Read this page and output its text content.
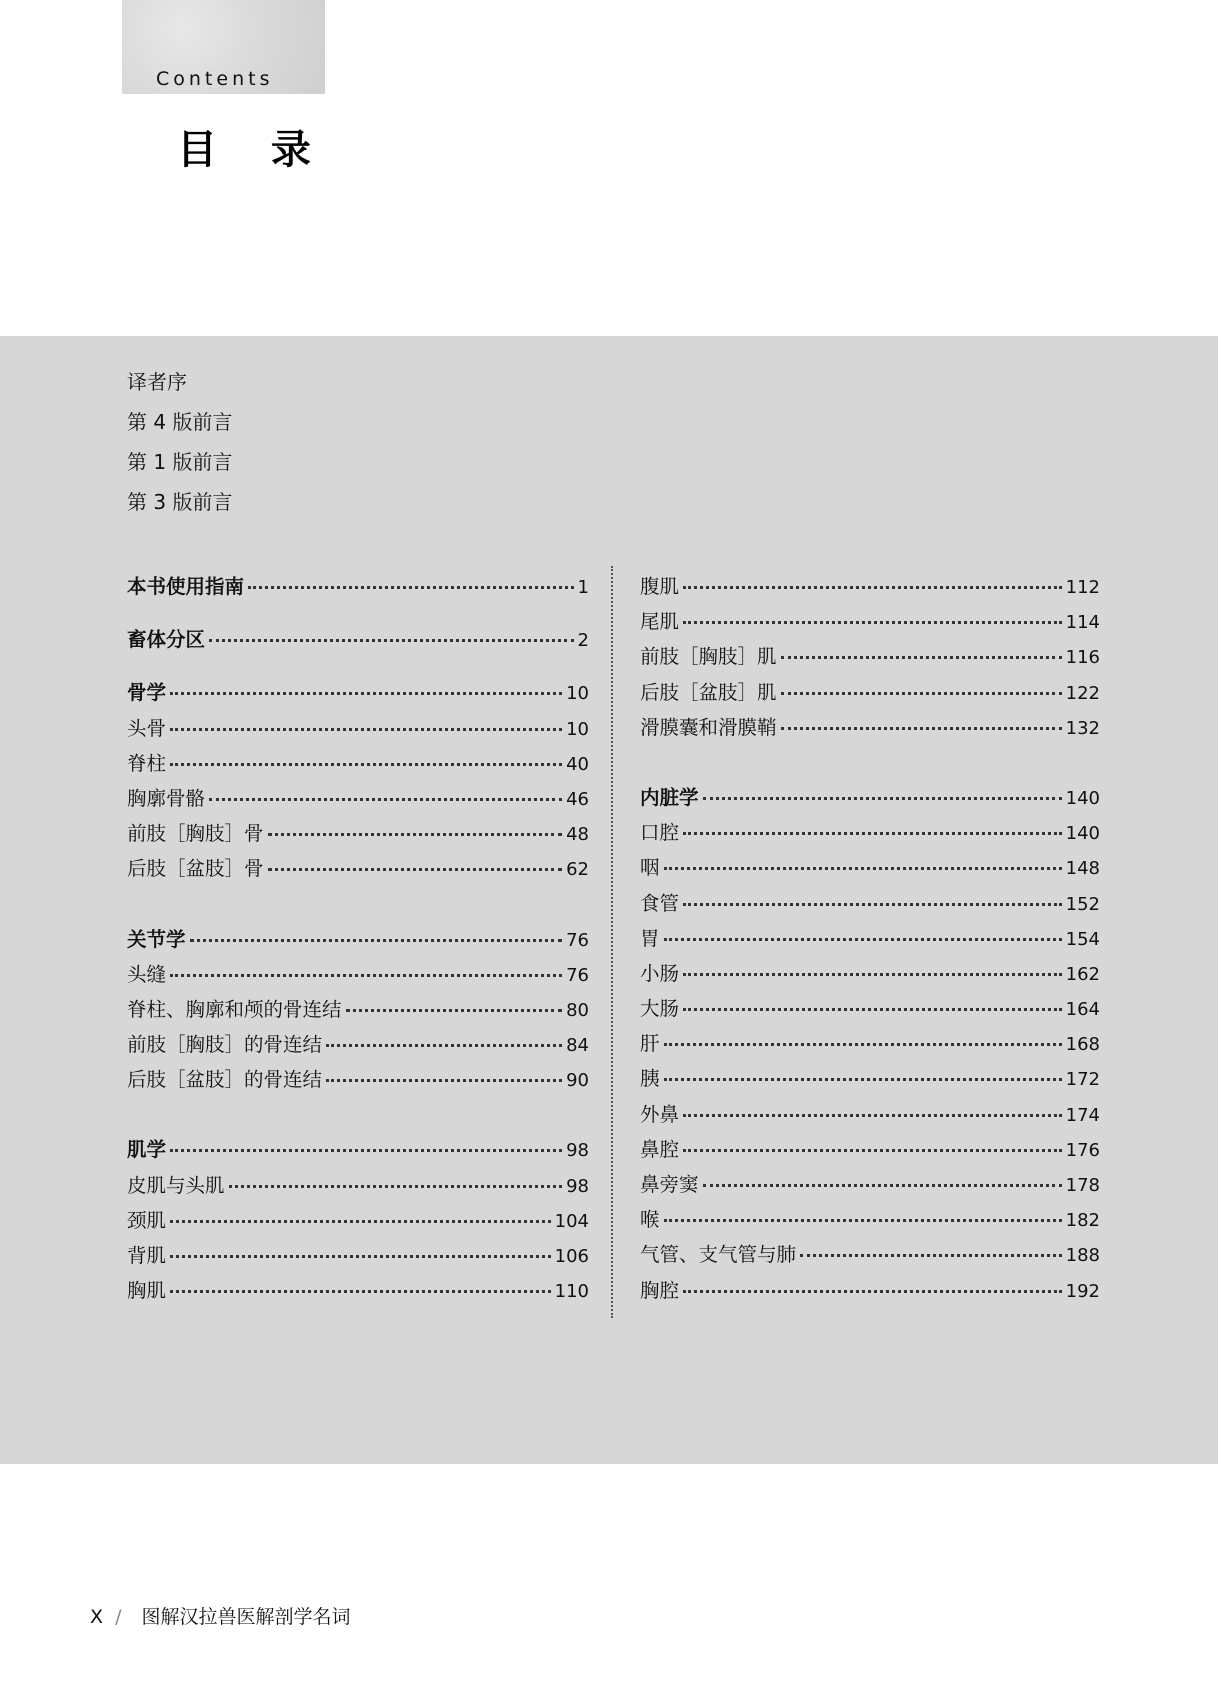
Contents
目 录
译者序
第 4 版前言
第 1 版前言
第 3 版前言
本书使用指南	1
畜体分区	2
骨学	10
头骨	10
脊柱	40
胸廓骨骼	46
前肢［胸肢］骨	48
后肢［盆肢］骨	62
关节学	76
头缝	76
脊柱、胸廓和颅的骨连结	80
前肢［胸肢］的骨连结	84
后肢［盆肢］的骨连结	90
肌学	98
皮肌与头肌	98
颈肌	104
背肌	106
胸肌	110
腹肌	112
尾肌	114
前肢［胸肢］肌	116
后肢［盆肢］肌	122
滑膜囊和滑膜鞘	132
内脏学	140
口腔	140
咽	148
食管	152
胃	154
小肠	162
大肠	164
肝	168
胰	172
外鼻	174
鼻腔	176
鼻旁窦	178
喉	182
气管、支气管与肺	188
胸腔	192
X / 图解汉拉兽医解剖学名词
